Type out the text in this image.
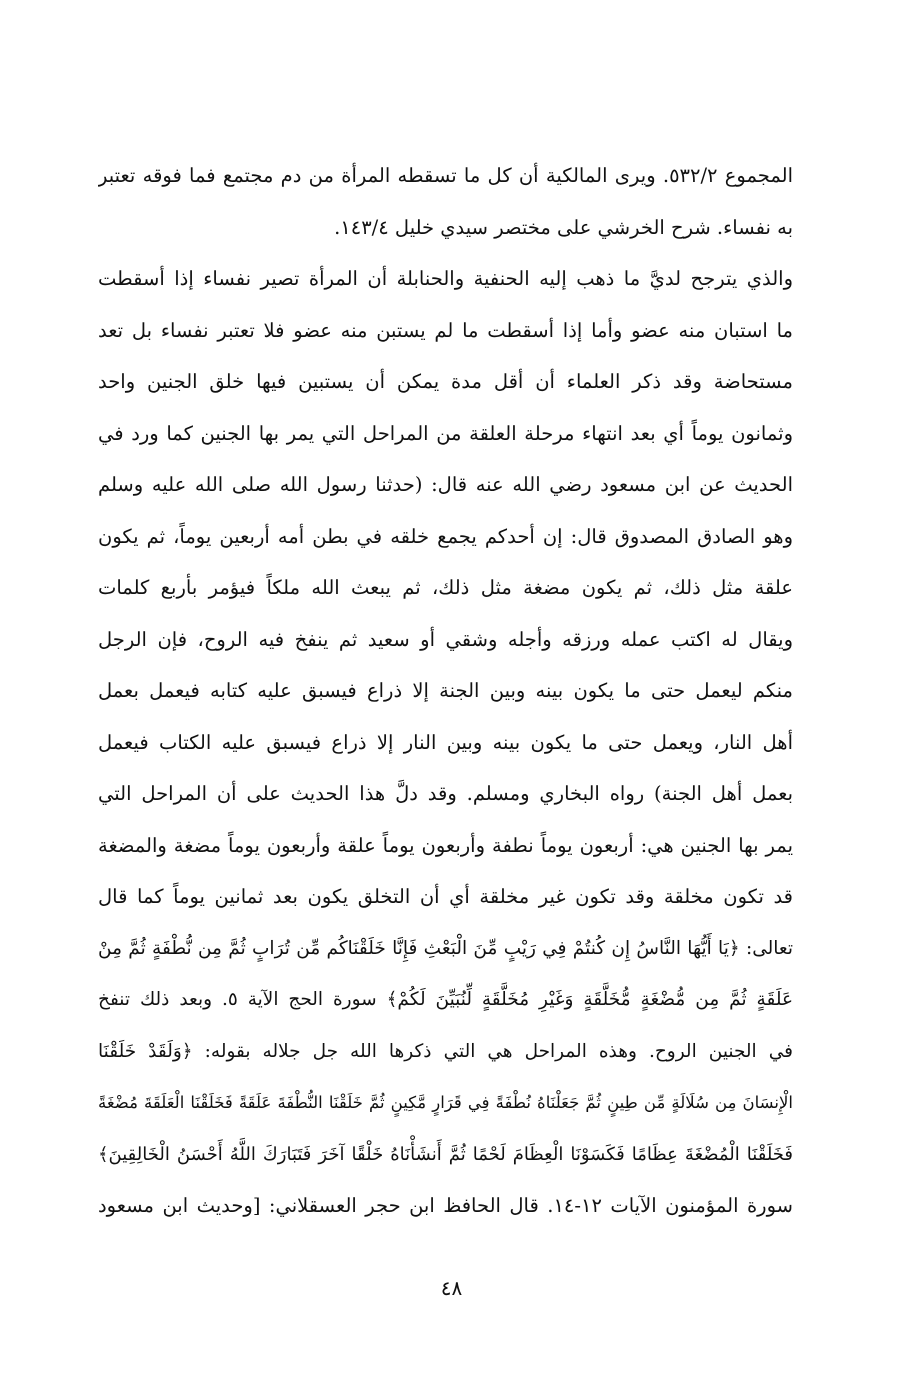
المجموع ٥٣٢/٢. ويرى المالكية أن كل ما تسقطه المرأة من دم مجتمع فما فوقه تعتبر
به نفساء. شرح الخرشي على مختصر سيدي خليل ١٤٣/٤.
والذي يترجح لديَّ ما ذهب إليه الحنفية والحنابلة أن المرأة تصير نفساء إذا أسقطت
ما استبان منه عضو وأما إذا أسقطت ما لم يستبن منه عضو فلا تعتبر نفساء بل تعد
مستحاضة وقد ذكر العلماء أن أقل مدة يمكن أن يستبين فيها خلق الجنين واحد
وثمانون يوماً أي بعد انتهاء مرحلة العلقة من المراحل التي يمر بها الجنين كما ورد في
الحديث عن ابن مسعود رضي الله عنه قال: (حدثنا رسول الله صلى الله عليه وسلم
وهو الصادق المصدوق قال: إن أحدكم يجمع خلقه في بطن أمه أربعين يوماً، ثم يكون
علقة مثل ذلك، ثم يكون مضغة مثل ذلك، ثم يبعث الله ملكاً فيؤمر بأربع كلمات
ويقال له اكتب عمله ورزقه وأجله وشقي أو سعيد ثم ينفخ فيه الروح، فإن الرجل
منكم ليعمل حتى ما يكون بينه وبين الجنة إلا ذراع فيسبق عليه كتابه فيعمل بعمل
أهل النار، ويعمل حتى ما يكون بينه وبين النار إلا ذراع فيسبق عليه الكتاب فيعمل
بعمل أهل الجنة) رواه البخاري ومسلم. وقد دلَّ هذا الحديث على أن المراحل التي
يمر بها الجنين هي: أربعون يوماً نطفة وأربعون يوماً علقة وأربعون يوماً مضغة والمضغة
قد تكون مخلقة وقد تكون غير مخلقة أي أن التخلق يكون بعد ثمانين يوماً كما قال
تعالى: ﴿يَا أَيُّهَا النَّاسُ إِن كُنتُمْ فِي رَيْبٍ مِّنَ الْبَعْثِ فَإِنَّا خَلَقْنَاكُم مِّن تُرَابٍ ثُمَّ مِن نُّطْفَةٍ ثُمَّ مِنْ
عَلَقَةٍ ثُمَّ مِن مُّضْغَةٍ مُّخَلَّقَةٍ وَغَيْرِ مُخَلَّقَةٍ لِّنُبَيِّنَ لَكُمْ﴾ سورة الحج الآية ٥. وبعد ذلك تنفخ
في الجنين الروح. وهذه المراحل هي التي ذكرها الله جل جلاله بقوله: ﴿وَلَقَدْ خَلَقْنَا
الْإِنسَانَ مِن سُلَالَةٍ مِّن طِينٍ ثُمَّ جَعَلْنَاهُ نُطْفَةً فِي قَرَارٍ مَّكِينٍ ثُمَّ خَلَقْنَا النُّطْفَةَ عَلَقَةً فَخَلَقْنَا الْعَلَقَةَ مُضْغَةً
فَخَلَقْنَا الْمُضْغَةَ عِظَامًا فَكَسَوْنَا الْعِظَامَ لَحْمًا ثُمَّ أَنشَأْنَاهُ خَلْقًا آخَرَ فَتَبَارَكَ اللَّهُ أَحْسَنُ الْخَالِقِينَ﴾
سورة المؤمنون الآيات ١٢-١٤. قال الحافظ ابن حجر العسقلاني: [وحديث ابن مسعود
٤٨
